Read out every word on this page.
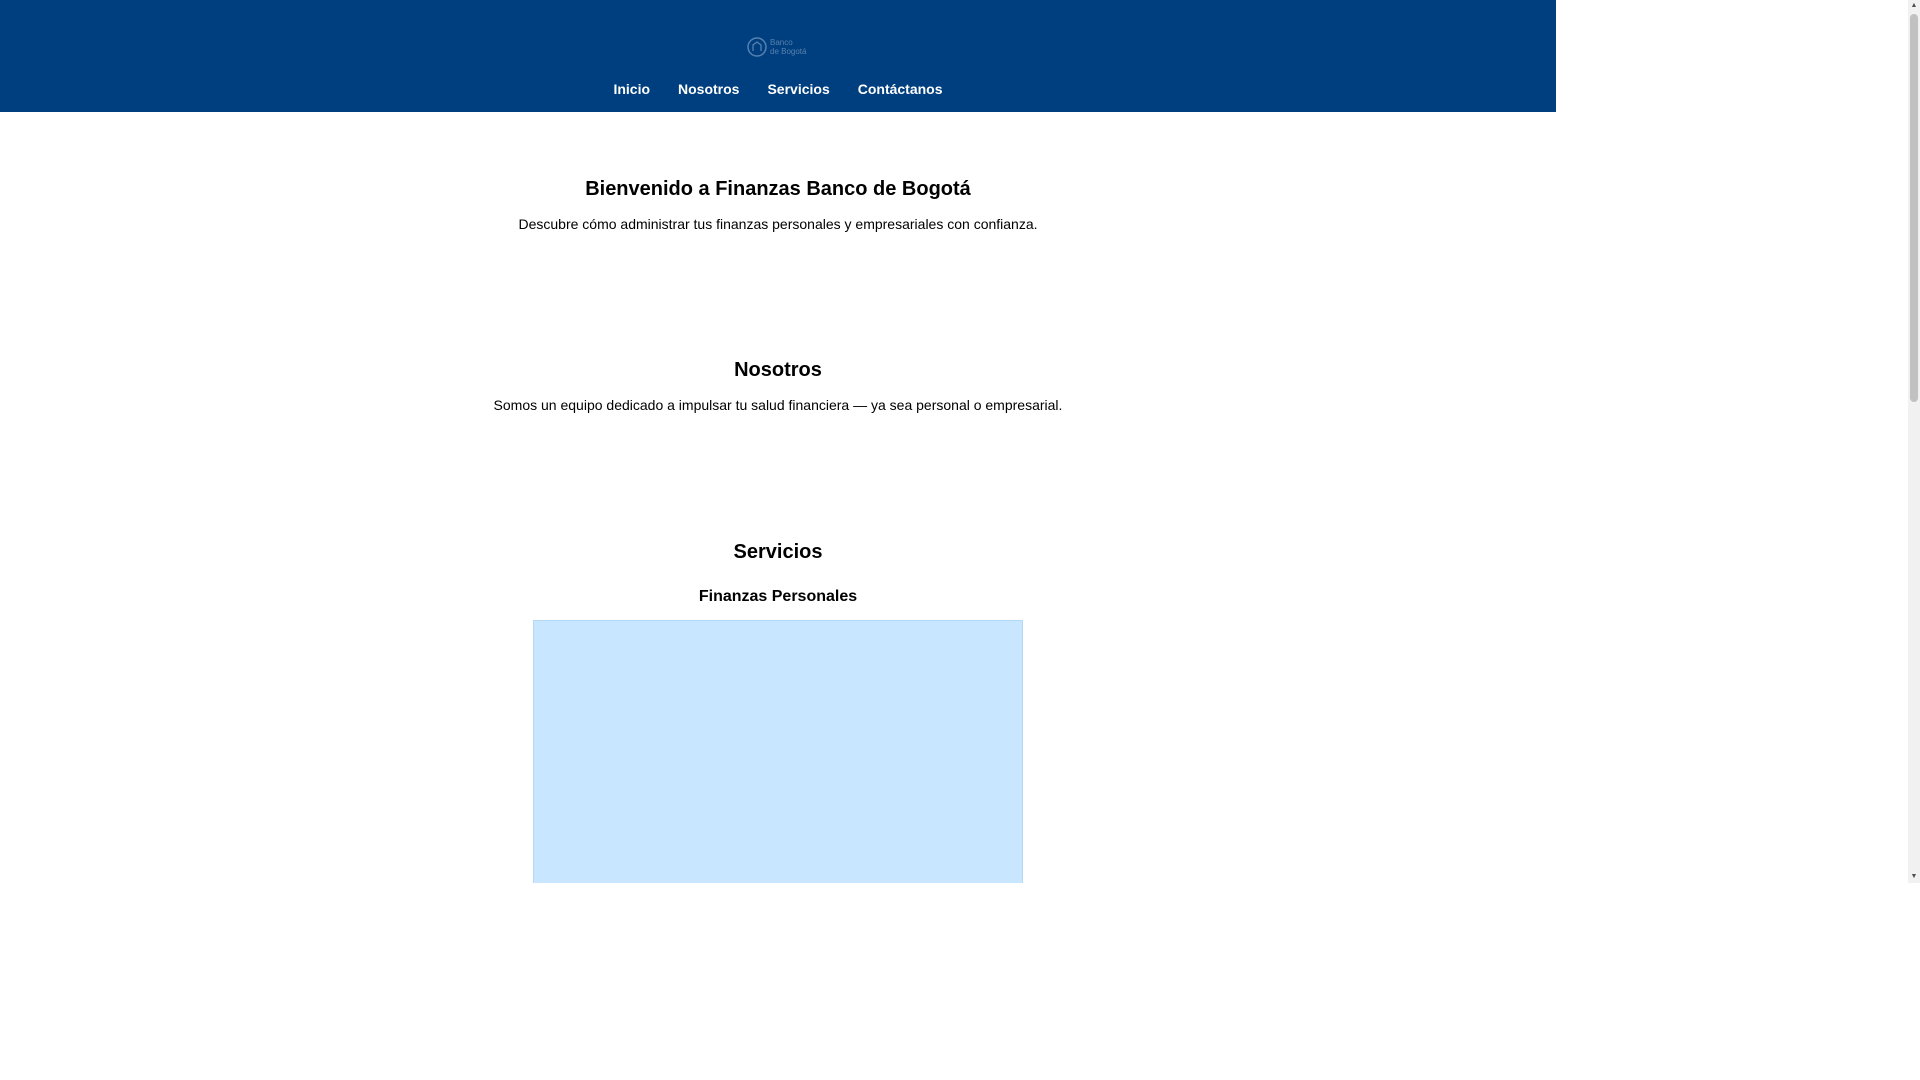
Banco
de Bogotá
Inicio	Nosotros	Servicios	Contáctanos
Bienvenido a Finanzas Banco de Bogotá

Descubre cómo administrar tus finanzas personales y empresariales con confianza.

Nosotros

Somos un equipo dedicado a impulsar tu salud financiera — ya sea personal o empresarial.

Servicios
Finanzas Personales
▲
▼
